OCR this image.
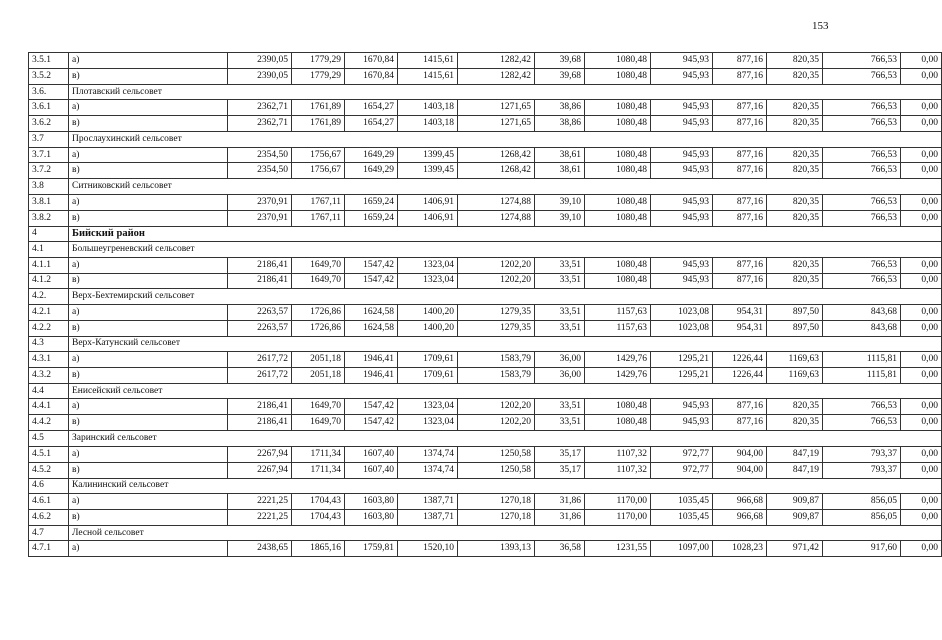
153
3.5.1	а)	2390,05	1779,29	1670,84	1415,61	1282,42	39,68	1080,48	945,93	877,16	820,35	766,53	0,00
3.5.2	в)	2390,05	1779,29	1670,84	1415,61	1282,42	39,68	1080,48	945,93	877,16	820,35	766,53	0,00
3.6.	Плотавский сельсовет												
3.6.1	а)	2362,71	1761,89	1654,27	1403,18	1271,65	38,86	1080,48	945,93	877,16	820,35	766,53	0,00
3.6.2	в)	2362,71	1761,89	1654,27	1403,18	1271,65	38,86	1080,48	945,93	877,16	820,35	766,53	0,00
3.7	Прослаухинский сельсовет												
3.7.1	а)	2354,50	1756,67	1649,29	1399,45	1268,42	38,61	1080,48	945,93	877,16	820,35	766,53	0,00
3.7.2	в)	2354,50	1756,67	1649,29	1399,45	1268,42	38,61	1080,48	945,93	877,16	820,35	766,53	0,00
3.8	Ситниковский сельсовет												
3.8.1	а)	2370,91	1767,11	1659,24	1406,91	1274,88	39,10	1080,48	945,93	877,16	820,35	766,53	0,00
3.8.2	в)	2370,91	1767,11	1659,24	1406,91	1274,88	39,10	1080,48	945,93	877,16	820,35	766,53	0,00
4	Бийский район												
4.1	Большеугреневский сельсовет												
4.1.1	а)	2186,41	1649,70	1547,42	1323,04	1202,20	33,51	1080,48	945,93	877,16	820,35	766,53	0,00
4.1.2	в)	2186,41	1649,70	1547,42	1323,04	1202,20	33,51	1080,48	945,93	877,16	820,35	766,53	0,00
4.2.	Верх-Бехтемирский сельсовет												
4.2.1	а)	2263,57	1726,86	1624,58	1400,20	1279,35	33,51	1157,63	1023,08	954,31	897,50	843,68	0,00
4.2.2	в)	2263,57	1726,86	1624,58	1400,20	1279,35	33,51	1157,63	1023,08	954,31	897,50	843,68	0,00
4.3	Верх-Катунский сельсовет												
4.3.1	а)	2617,72	2051,18	1946,41	1709,61	1583,79	36,00	1429,76	1295,21	1226,44	1169,63	1115,81	0,00
4.3.2	в)	2617,72	2051,18	1946,41	1709,61	1583,79	36,00	1429,76	1295,21	1226,44	1169,63	1115,81	0,00
4.4	Енисейский сельсовет												
4.4.1	а)	2186,41	1649,70	1547,42	1323,04	1202,20	33,51	1080,48	945,93	877,16	820,35	766,53	0,00
4.4.2	в)	2186,41	1649,70	1547,42	1323,04	1202,20	33,51	1080,48	945,93	877,16	820,35	766,53	0,00
4.5	Заринский сельсовет												
4.5.1	а)	2267,94	1711,34	1607,40	1374,74	1250,58	35,17	1107,32	972,77	904,00	847,19	793,37	0,00
4.5.2	в)	2267,94	1711,34	1607,40	1374,74	1250,58	35,17	1107,32	972,77	904,00	847,19	793,37	0,00
4.6	Калининский сельсовет												
4.6.1	а)	2221,25	1704,43	1603,80	1387,71	1270,18	31,86	1170,00	1035,45	966,68	909,87	856,05	0,00
4.6.2	в)	2221,25	1704,43	1603,80	1387,71	1270,18	31,86	1170,00	1035,45	966,68	909,87	856,05	0,00
4.7	Лесной сельсовет												
4.7.1	а)	2438,65	1865,16	1759,81	1520,10	1393,13	36,58	1231,55	1097,00	1028,23	971,42	917,60	0,00
